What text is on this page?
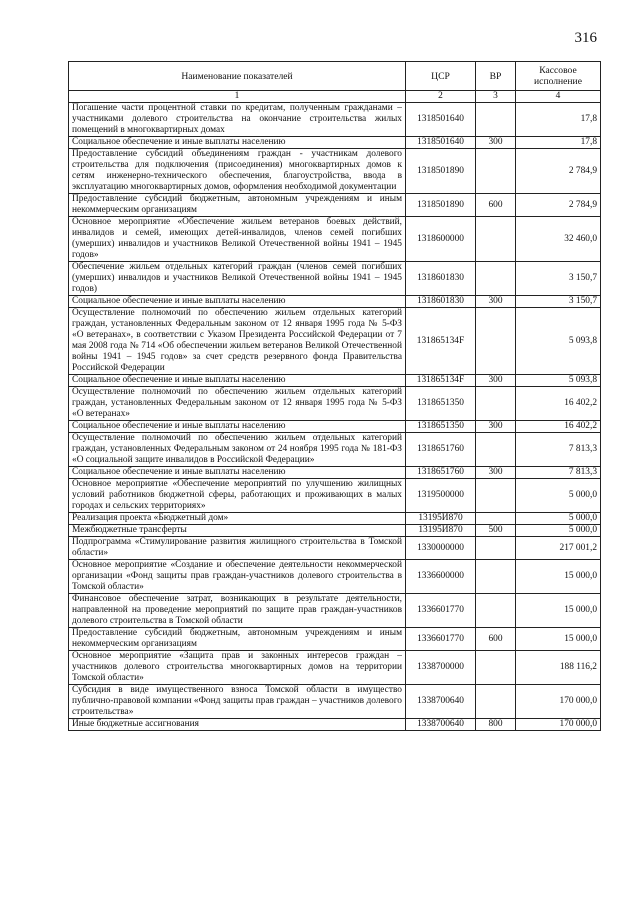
316
Наименование показателей	ЦСР	ВР	Кассовое исполнение
1	2	3	4
Погашение части процентной ставки по кредитам, полученным гражданами – участниками долевого строительства на окончание строительства жилых помещений в многоквартирных домах	1318501640		17,8
Социальное обеспечение и иные выплаты населению	1318501640	300	17,8
Предоставление субсидий объединениям граждан - участникам долевого строительства для подключения (присоединения) многоквартирных домов к сетям инженерно-технического обеспечения, благоустройства, ввода в эксплуатацию многоквартирных домов, оформления необходимой документации	1318501890		2 784,9
Предоставление субсидий бюджетным, автономным учреждениям и иным некоммерческим организациям	1318501890	600	2 784,9
Основное мероприятие «Обеспечение жильем ветеранов боевых действий, инвалидов и семей, имеющих детей-инвалидов, членов семей погибших (умерших) инвалидов и участников Великой Отечественной войны 1941 – 1945 годов»	1318600000		32 460,0
Обеспечение жильем отдельных категорий граждан (членов семей погибших (умерших) инвалидов и участников Великой Отечественной войны 1941 – 1945 годов)	1318601830		3 150,7
Социальное обеспечение и иные выплаты населению	1318601830	300	3 150,7
Осуществление полномочий по обеспечению жильем отдельных категорий граждан, установленных Федеральным законом от 12 января 1995 года № 5-ФЗ «О ветеранах», в соответствии с Указом Президента Российской Федерации от 7 мая 2008 года № 714 «Об обеспечении жильем ветеранов Великой Отечественной войны 1941 – 1945 годов» за счет средств резервного фонда Правительства Российской Федерации	131865134F		5 093,8
Социальное обеспечение и иные выплаты населению	131865134F	300	5 093,8
Осуществление полномочий по обеспечению жильем отдельных категорий граждан, установленных Федеральным законом от 12 января 1995 года № 5-ФЗ «О ветеранах»	1318651350		16 402,2
Социальное обеспечение и иные выплаты населению	1318651350	300	16 402,2
Осуществление полномочий по обеспечению жильем отдельных категорий граждан, установленных Федеральным законом от 24 ноября 1995 года № 181-ФЗ «О социальной защите инвалидов в Российской Федерации»	1318651760		7 813,3
Социальное обеспечение и иные выплаты населению	1318651760	300	7 813,3
Основное мероприятие «Обеспечение мероприятий по улучшению жилищных условий работников бюджетной сферы, работающих и проживающих в малых городах и сельских территориях»	1319500000		5 000,0
Реализация проекта «Бюджетный дом»	13195И870		5 000,0
Межбюджетные трансферты	13195И870	500	5 000,0
Подпрограмма «Стимулирование развития жилищного строительства в Томской области»	1330000000		217 001,2
Основное мероприятие «Создание и обеспечение деятельности некоммерческой организации «Фонд защиты прав граждан-участников долевого строительства в Томской области»	1336600000		15 000,0
Финансовое обеспечение затрат, возникающих в результате деятельности, направленной на проведение мероприятий по защите прав граждан-участников долевого строительства в Томской области	1336601770		15 000,0
Предоставление субсидий бюджетным, автономным учреждениям и иным некоммерческим организациям	1336601770	600	15 000,0
Основное мероприятие «Защита прав и законных интересов граждан – участников долевого строительства многоквартирных домов на территории Томской области»	1338700000		188 116,2
Субсидия в виде имущественного взноса Томской области в имущество публично-правовой компании «Фонд защиты прав граждан – участников долевого строительства»	1338700640		170 000,0
Иные бюджетные ассигнования	1338700640	800	170 000,0
